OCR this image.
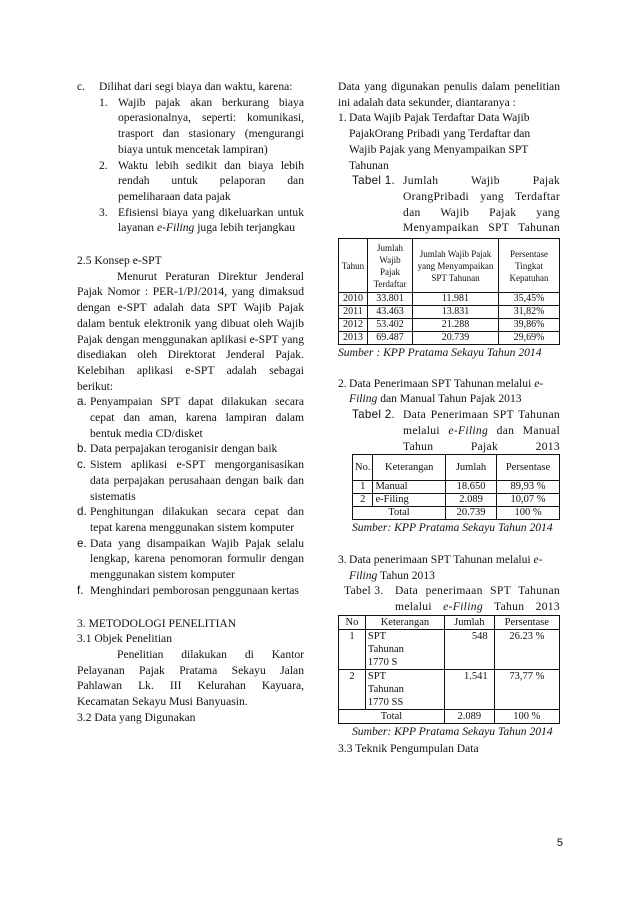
c.	Dilihat dari segi biaya dan waktu, karena:

1. Wajib pajak akan berkurang biaya operasionalnya, seperti: komunikasi, trasport dan stasionary (mengurangi biaya untuk mencetak lampiran)

2. Waktu lebih sedikit dan biaya lebih rendah untuk pelaporan dan pemeliharaan data pajak

3. Efisiensi biaya yang dikeluarkan untuk layanan e-Filing juga lebih terjangkau

2.5 Konsep e-SPT

Menurut Peraturan Direktur Jenderal Pajak Nomor : PER-1/PJ/2014, yang dimaksud dengan e-SPT adalah data SPT Wajib Pajak dalam bentuk elektronik yang dibuat oleh Wajib Pajak dengan menggunakan aplikasi e-SPT yang disediakan oleh Direktorat Jenderal Pajak. Kelebihan aplikasi e-SPT adalah sebagai berikut:

a. Penyampaian SPT dapat dilakukan secara cepat dan aman, karena lampiran dalam bentuk media CD/disket

b. Data perpajakan teroganisir dengan baik

c. Sistem aplikasi e-SPT mengorganisasikan data perpajakan perusahaan dengan baik dan sistematis

d. Penghitungan dilakukan secara cepat dan tepat karena menggunakan sistem komputer

e. Data yang disampaikan Wajib Pajak selalu lengkap, karena penomoran formulir dengan menggunakan sistem komputer

f. Menghindari pemborosan penggunaan kertas

3. METODOLOGI PENELITIAN

3.1 Objek Penelitian

Penelitian dilakukan di Kantor Pelayanan Pajak Pratama Sekayu Jalan Pahlawan Lk. III Kelurahan Kayuara, Kecamatan Sekayu Musi Banyuasin.

3.2 Data yang Digunakan

Data yang digunakan penulis dalam penelitian ini adalah data sekunder, diantaranya :

1. Data Wajib Pajak Terdaftar Data Wajib PajakOrang Pribadi yang Terdaftar dan Wajib Pajak yang Menyampaikan SPT Tahunan

Tabel 1. Jumlah Wajib Pajak OrangPribadi yang Terdaftar dan Wajib Pajak yang Menyampaikan SPT Tahunan

Tahun	Jumlah Wajib Pajak Terdaftar	Jumlah Wajib Pajak yang Menyampaikan SPT Tahunan	Persentase Tingkat Kepatuhan
2010	33.801	11.981	35,45%
2011	43.463	13.831	31,82%
2012	53.402	21.288	39,86%
2013	69.487	20.739	29,69%

Sumber : KPP Pratama Sekayu Tahun 2014

2. Data Penerimaan SPT Tahunan melalui e-Filing dan Manual Tahun Pajak 2013

Tabel 2. Data Penerimaan SPT Tahunan melalui e-Filing dan Manual Tahun Pajak 2013

No.	Keterangan	Jumlah	Persentase
1	Manual	18.650	89,93 %
2	e-Filing	2.089	10,07 %
Total		20.739	100 %

Sumber: KPP Pratama Sekayu Tahun 2014

3. Data penerimaan SPT Tahunan melalui e-Filing Tahun 2013

Tabel 3. Data penerimaan SPT Tahunan melalui e-Filing Tahun 2013

No	Keterangan	Jumlah	Persentase
1	SPT Tahunan 1770 S	548	26.23 %
2	SPT Tahunan 1770 SS	1.541	73,77 %
Total		2.089	100 %

Sumber: KPP Pratama Sekayu Tahun 2014

3.3 Teknik Pengumpulan Data

5
